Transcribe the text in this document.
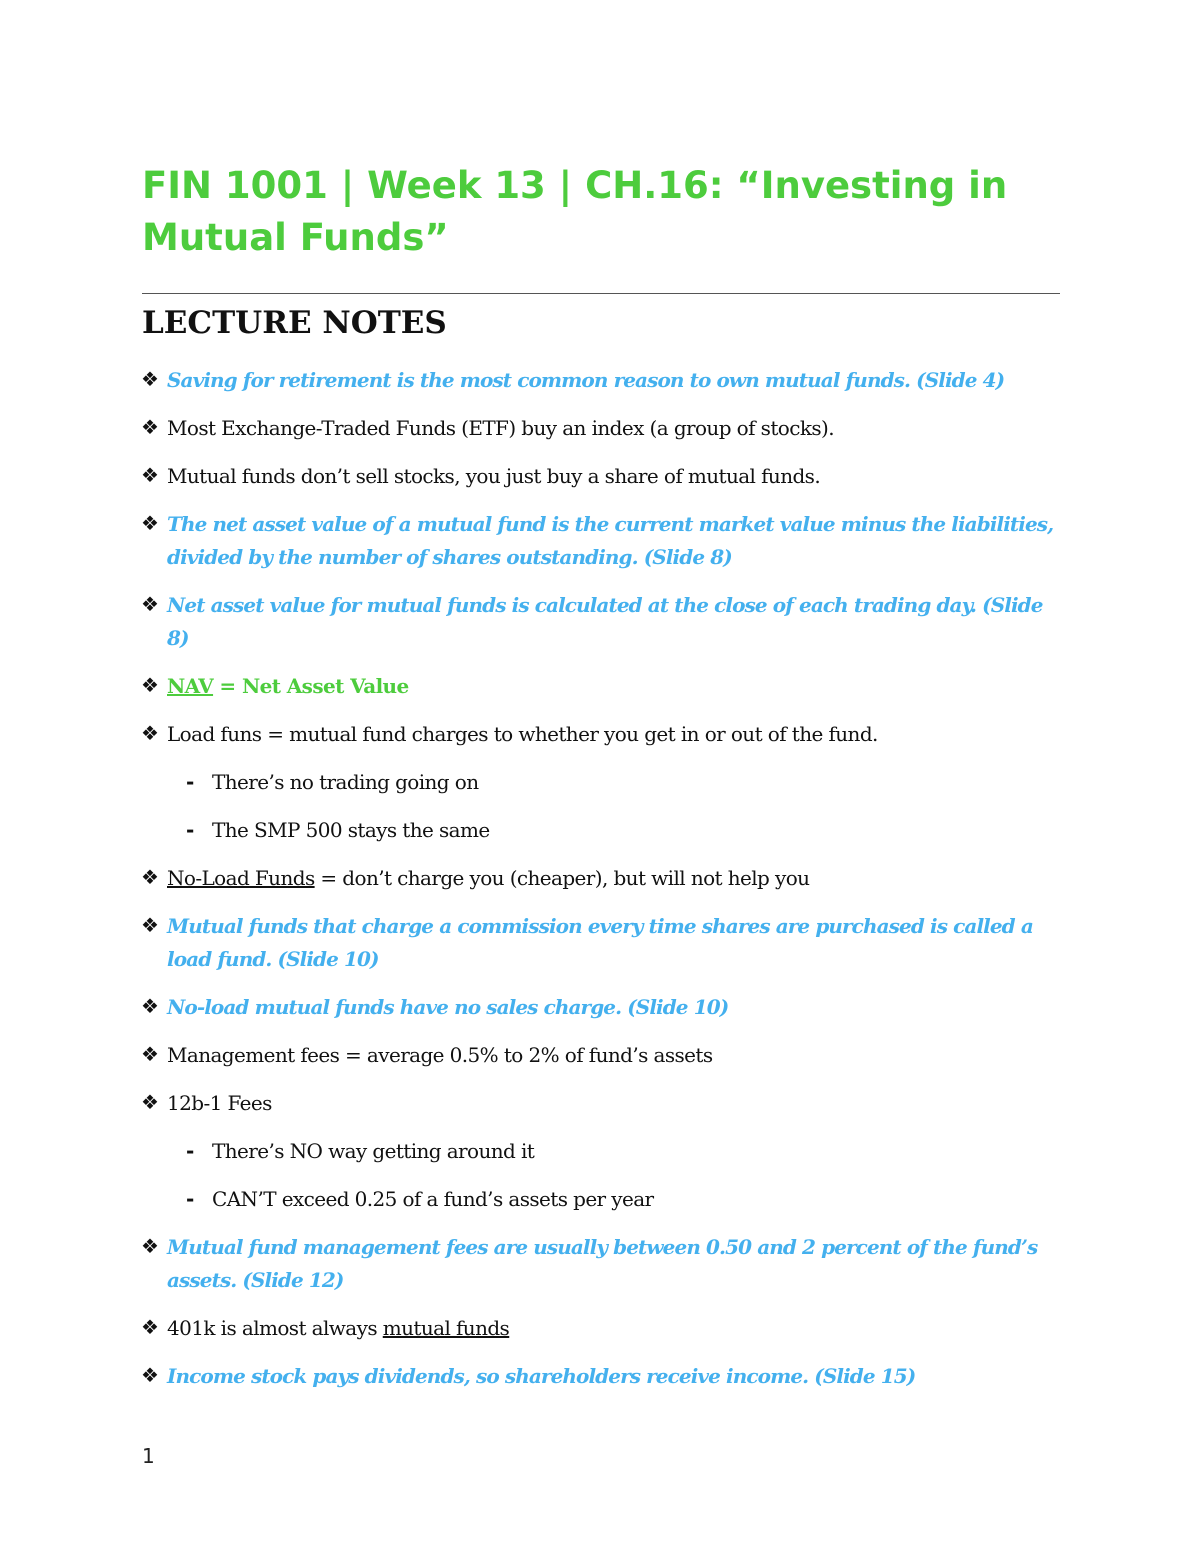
FIN 1001 | Week 13 | CH.16: “Investing in Mutual Funds”
LECTURE NOTES
❖ Saving for retirement is the most common reason to own mutual funds. (Slide 4)
❖ Most Exchange-Traded Funds (ETF) buy an index (a group of stocks).
❖ Mutual funds don’t sell stocks, you just buy a share of mutual funds.
❖ The net asset value of a mutual fund is the current market value minus the liabilities, divided by the number of shares outstanding. (Slide 8)
❖ Net asset value for mutual funds is calculated at the close of each trading day. (Slide 8)
❖ NAV = Net Asset Value
❖ Load funs = mutual fund charges to whether you get in or out of the fund.
- There’s no trading going on
- The SMP 500 stays the same
❖ No-Load Funds = don’t charge you (cheaper), but will not help you
❖ Mutual funds that charge a commission every time shares are purchased is called a load fund. (Slide 10)
❖ No-load mutual funds have no sales charge. (Slide 10)
❖ Management fees = average 0.5% to 2% of fund’s assets
❖ 12b-1 Fees
- There’s NO way getting around it
- CAN’T exceed 0.25 of a fund’s assets per year
❖ Mutual fund management fees are usually between 0.50 and 2 percent of the fund’s assets. (Slide 12)
❖ 401k is almost always mutual funds
❖ Income stock pays dividends, so shareholders receive income. (Slide 15)
1
